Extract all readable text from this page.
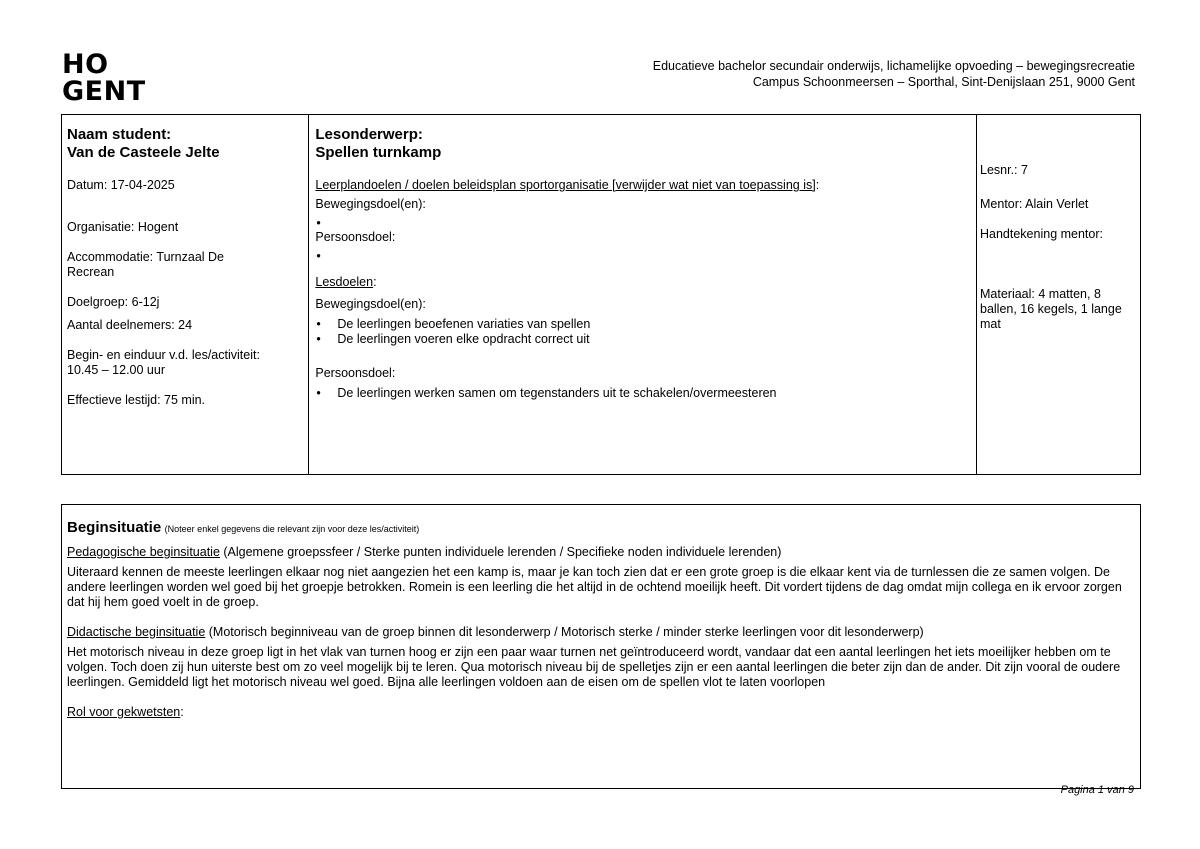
HO
GENT
Educatieve bachelor secundair onderwijs, lichamelijke opvoeding – bewegingsrecreatie
Campus Schoonmeersen – Sporthal, Sint-Denijslaan 251, 9000 Gent
Naam student:
Van de Casteele Jelte

Datum: 17-04-2025

Organisatie: Hogent

Accommodatie: Turnzaal De Recrean

Doelgroep: 6-12j

Aantal deelnemers: 24

Begin- en einduur v.d. les/activiteit:

10.45 – 12.00 uur

Effectieve lestijd: 75 min.

Lesonderwerp:
Spellen turnkamp

Leerplandoelen / doelen beleidsplan sportorganisatie [verwijder wat niet van toepassing is]:

Bewegingsdoel(en):

Persoonsdoel:

Lesdoelen:

Bewegingsdoel(en):

• De leerlingen beoefenen variaties van spellen
• De leerlingen voeren elke opdracht correct uit

Persoonsdoel:

• De leerlingen werken samen om tegenstanders uit te schakelen/overmeesteren

Lesnr.: 7

Mentor: Alain Verlet

Handtekening mentor:

Materiaal: 4 matten, 8 ballen, 16 kegels, 1 lange mat

Beginsituatie (Noteer enkel gegevens die relevant zijn voor deze les/activiteit)

Pedagogische beginsituatie (Algemene groepssfeer / Sterke punten individuele lerenden / Specifieke noden individuele lerenden)

Uiteraard kennen de meeste leerlingen elkaar nog niet aangezien het een kamp is, maar je kan toch zien dat er een grote groep is die elkaar kent via de turnlessen die ze samen volgen. De andere leerlingen worden wel goed bij het groepje betrokken. Romein is een leerling die het altijd in de ochtend moeilijk heeft. Dit vordert tijdens de dag omdat mijn collega en ik ervoor zorgen dat hij hem goed voelt in de groep.

Didactische beginsituatie (Motorisch beginniveau van de groep binnen dit lesonderwerp / Motorisch sterke / minder sterke leerlingen voor dit lesonderwerp)

Het motorisch niveau in deze groep ligt in het vlak van turnen hoog er zijn een paar waar turnen net geïntroduceerd wordt, vandaar dat een aantal leerlingen het iets moeilijker hebben om te volgen. Toch doen zij hun uiterste best om zo veel mogelijk bij te leren. Qua motorisch niveau bij de spelletjes zijn er een aantal leerlingen die beter zijn dan de ander. Dit zijn vooral de oudere leerlingen. Gemiddeld ligt het motorisch niveau wel goed. Bijna alle leerlingen voldoen aan de eisen om de spellen vlot te laten voorlopen

Rol voor gekwetsten:

Pagina 1 van 9
